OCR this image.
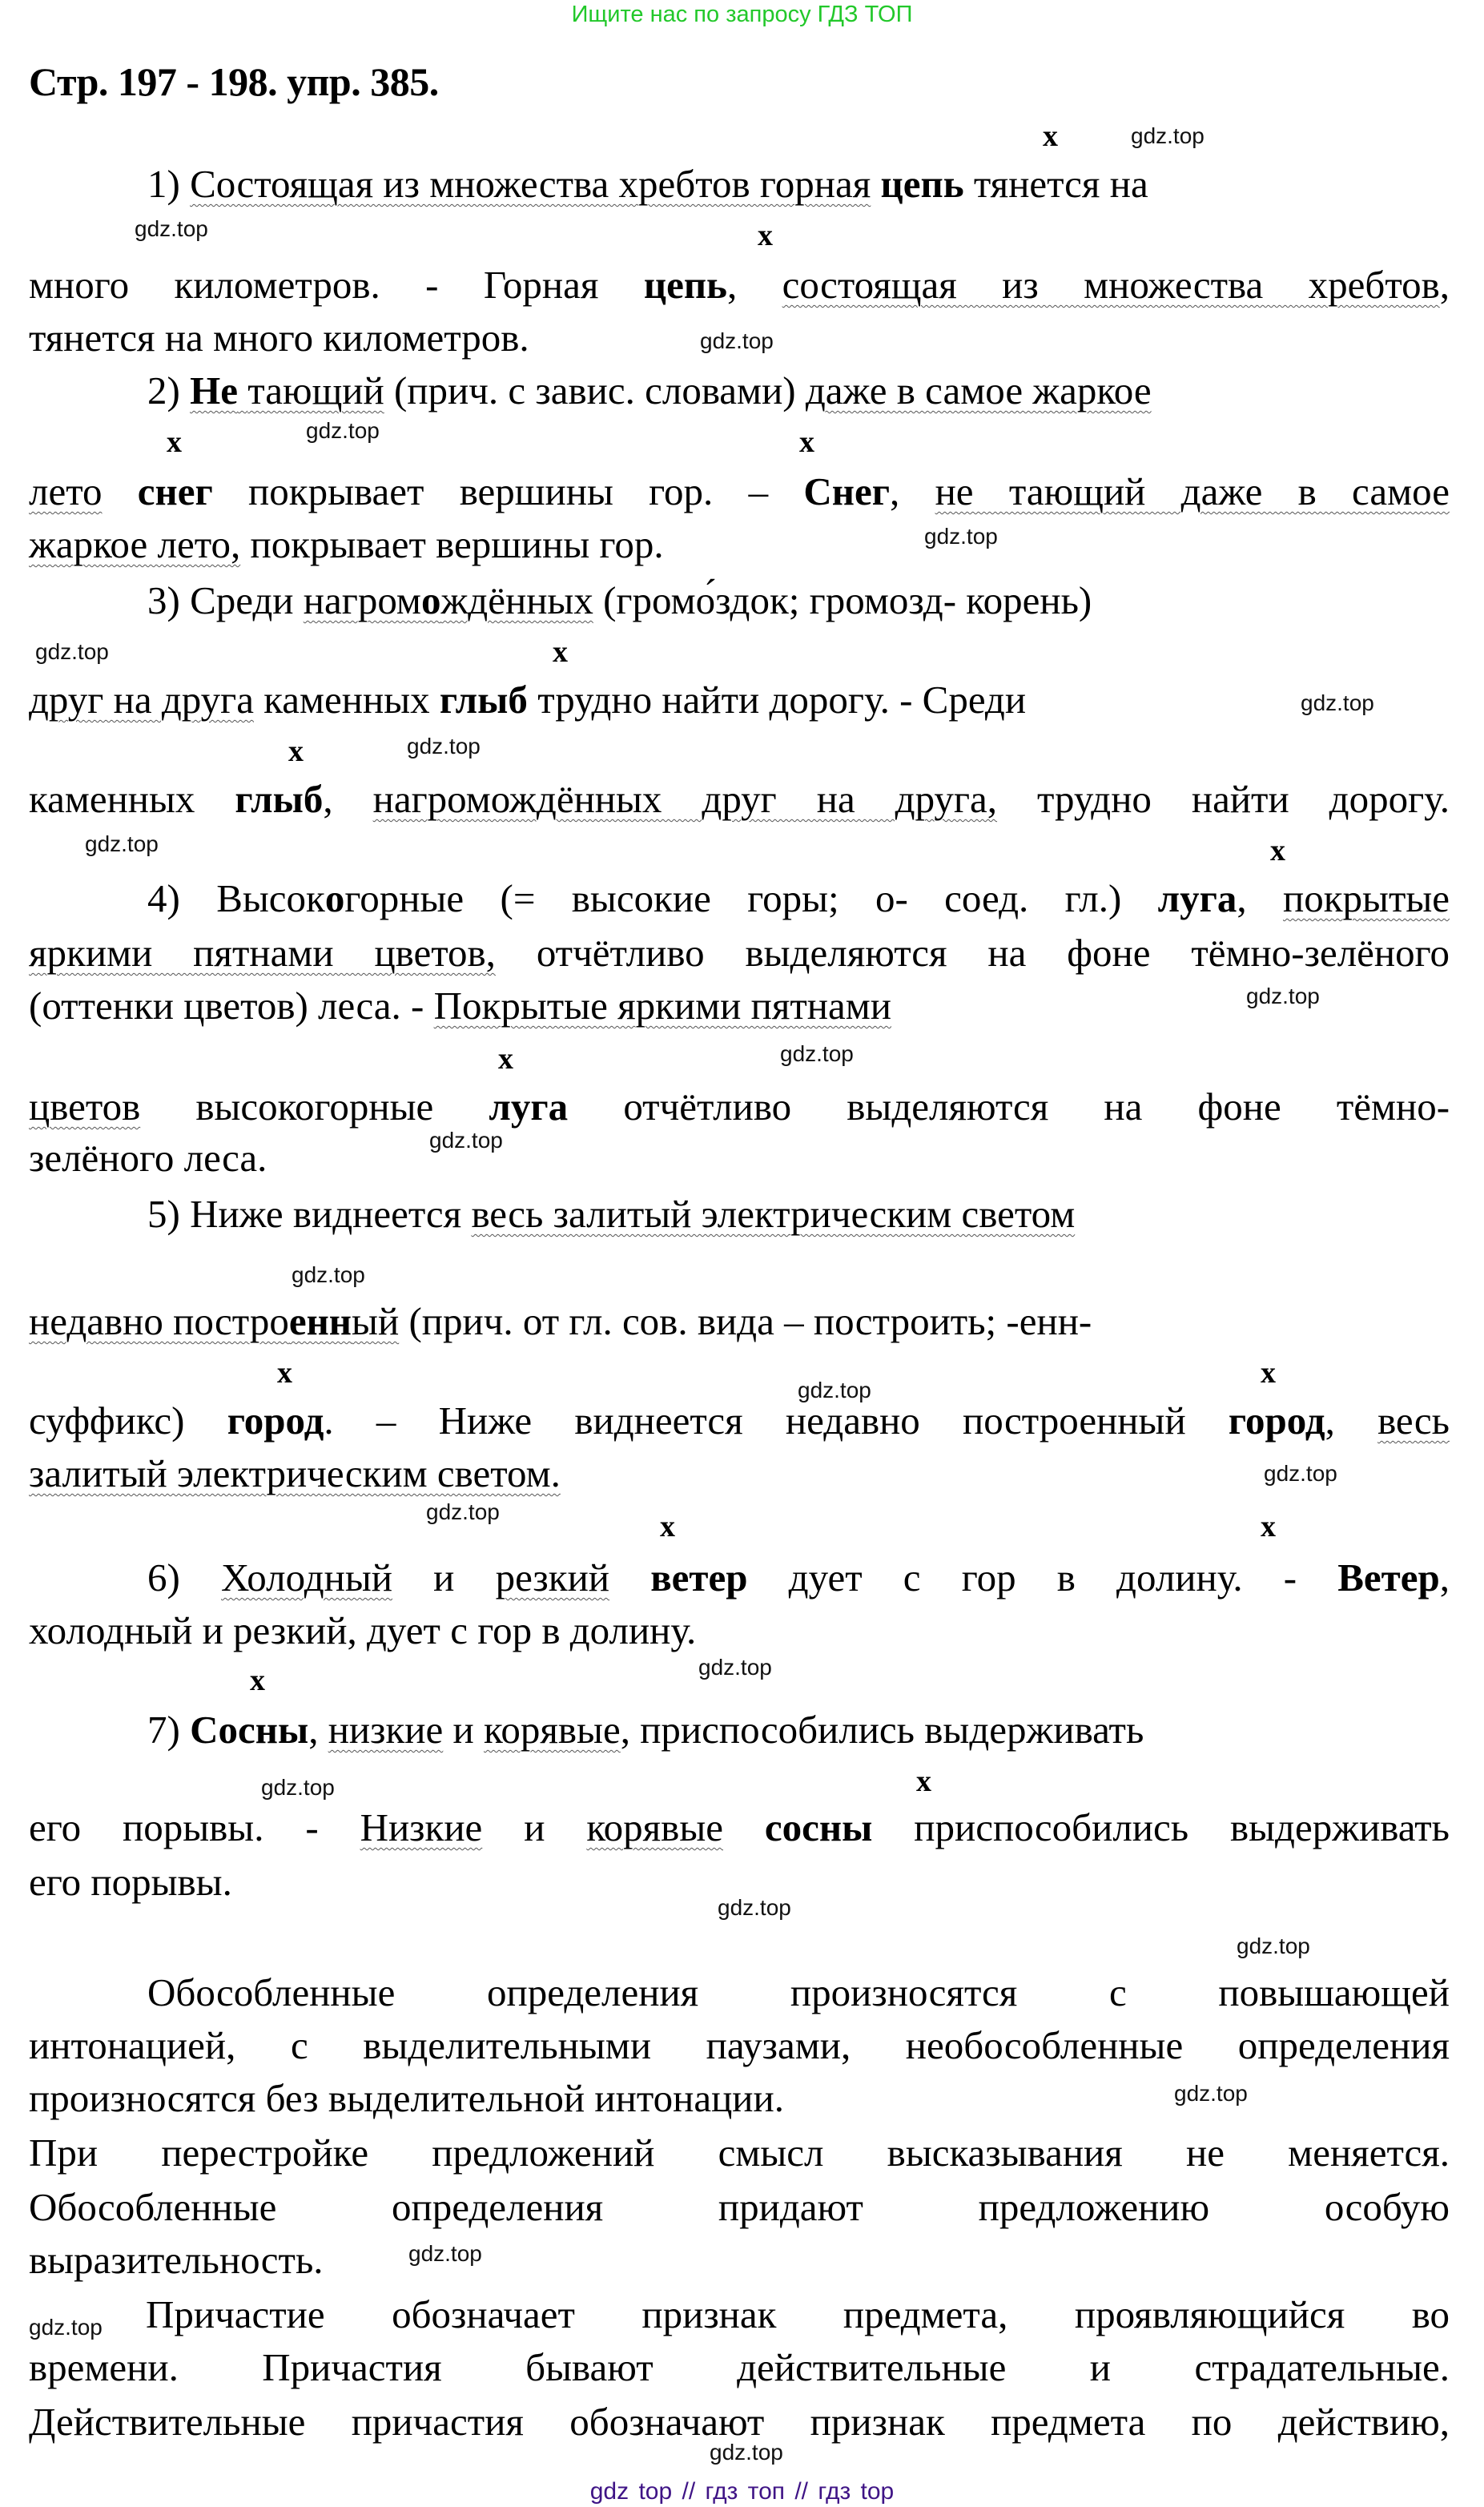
Ищите нас по запросу ГДЗ ТОП
Стр. 197 - 198. упр. 385.
x	gdz.top
1) Состоящая из множества хребтов горная цепь тянется на
gdz.top	x
много километров. - Горная цепь, состоящая из множества хребтов,
тянется на много километров.	gdz.top
2) Не тающий (прич. с завис. словами) даже в самое жаркое
x	gdz.top	x
лето снег покрывает вершины гор. – Снег, не тающий даже в самое
жаркое лето, покрывает вершины гор.	gdz.top
3) Среди нагромождённых (громо́здок; громозд- корень)
gdz.top	x
друг на друга каменных глыб трудно найти дорогу. - Среди	gdz.top
x	gdz.top
каменных глыб, нагромождённых друг на друга, трудно найти дорогу.
gdz.top	x
4) Высокогорные (= высокие горы; о- соед. гл.) луга, покрытые
яркими пятнами цветов, отчётливо выделяются на фоне тёмно-зелёного
(оттенки цветов) леса. - Покрытые яркими пятнами	gdz.top
x	gdz.top
цветов высокогорные луга отчётливо выделяются на фоне тёмно-
gdz.top
зелёного леса.
5) Ниже виднеется весь залитый электрическим светом
gdz.top
недавно построенный (прич. от гл. сов. вида – построить; -енн-
x	x
gdz.top
суффикс) город. – Ниже виднеется недавно построенный город, весь
залитый электрическим светом.	gdz.top
gdz.top	x	x
6) Холодный и резкий ветер дует с гор в долину. - Ветер,
холодный и резкий, дует с гор в долину.
gdz.top
x
7) Сосны, низкие и корявые, приспособились выдерживать
gdz.top	x
его порывы. - Низкие и корявые сосны приспособились выдерживать
его порывы.
gdz.top
gdz.top
Обособленные определения произносятся с повышающей
интонацией, с выделительными паузами, необособленные определения
произносятся без выделительной интонации.	gdz.top
При перестройке предложений смысл высказывания не меняется.
Обособленные определения придают предложению особую
выразительность.	gdz.top
gdz.top Причастие обозначает признак предмета, проявляющийся во
времени. Причастия бывают действительные и страдательные.
Действительные причастия обозначают признак предмета по действию,
gdz.top
gdz top // гдз топ // гдз top
